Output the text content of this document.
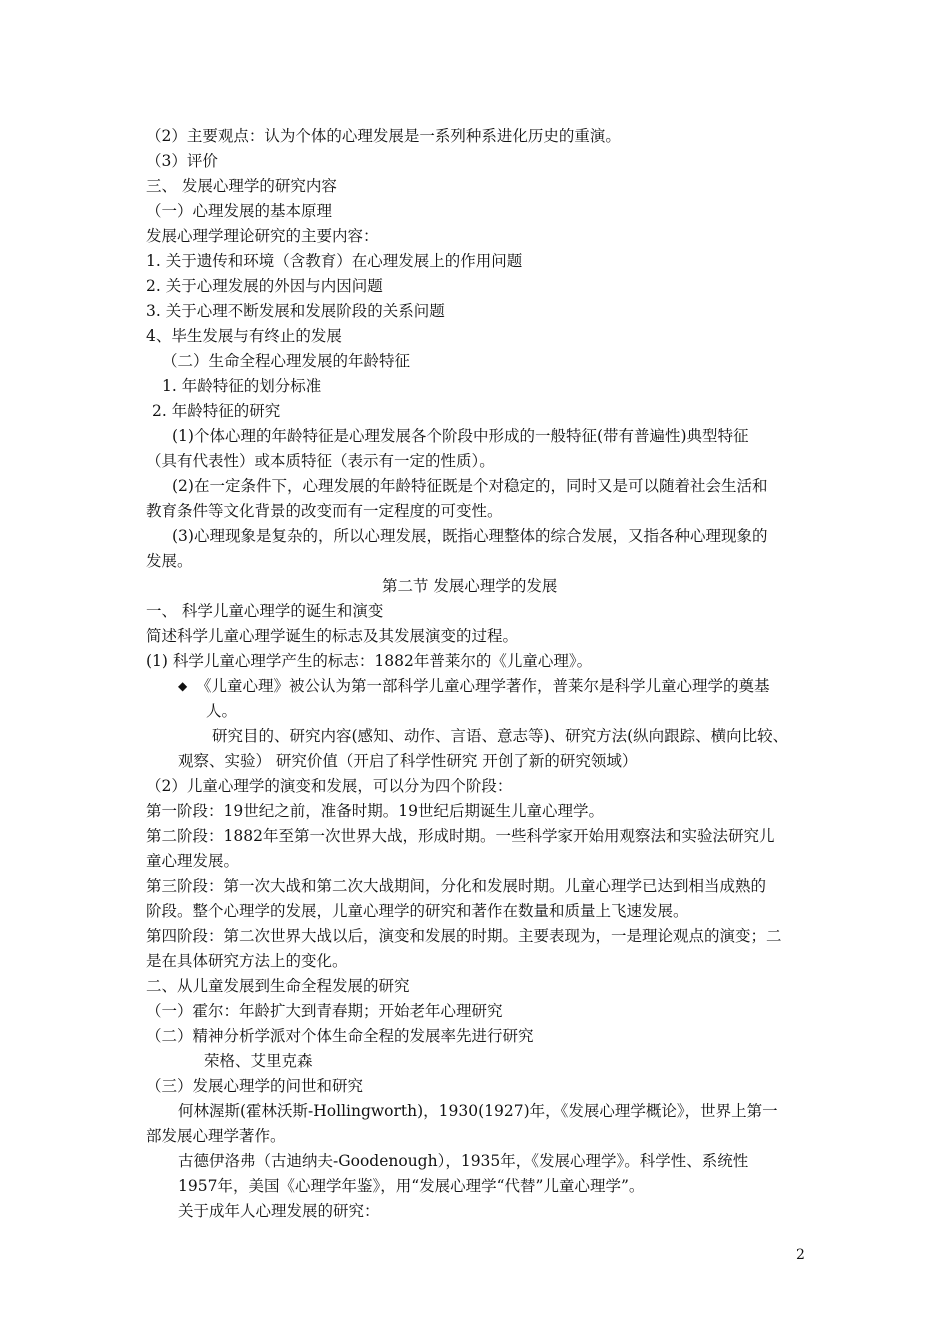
（2）主要观点：认为个体的心理发展是一系列种系进化历史的重演。
（3）评价
三、 发展心理学的研究内容
（一）心理发展的基本原理
发展心理学理论研究的主要内容：
1. 关于遗传和环境（含教育）在心理发展上的作用问题
2. 关于心理发展的外因与内因问题
3. 关于心理不断发展和发展阶段的关系问题
4、毕生发展与有终止的发展
（二）生命全程心理发展的年龄特征
1. 年龄特征的划分标准
2. 年龄特征的研究
(1)个体心理的年龄特征是心理发展各个阶段中形成的一般特征(带有普遍性)典型特征
（具有代表性）或本质特征（表示有一定的性质）。
(2)在一定条件下，心理发展的年龄特征既是个对稳定的，同时又是可以随着社会生活和
教育条件等文化背景的改变而有一定程度的可变性。
(3)心理现象是复杂的，所以心理发展，既指心理整体的综合发展，又指各种心理现象的
发展。
第二节 发展心理学的发展
一、 科学儿童心理学的诞生和演变
简述科学儿童心理学诞生的标志及其发展演变的过程。
(1) 科学儿童心理学产生的标志：1882年普莱尔的《儿童心理》。
◆ 《儿童心理》被公认为第一部科学儿童心理学著作，普莱尔是科学儿童心理学的奠基
人。
研究目的、研究内容(感知、动作、言语、意志等)、研究方法(纵向跟踪、横向比较、
观察、实验） 研究价值（开启了科学性研究 开创了新的研究领域）
（2）儿童心理学的演变和发展，可以分为四个阶段：
第一阶段：19世纪之前，准备时期。19世纪后期诞生儿童心理学。
第二阶段：1882年至第一次世界大战，形成时期。一些科学家开始用观察法和实验法研究儿
童心理发展。
第三阶段：第一次大战和第二次大战期间，分化和发展时期。儿童心理学已达到相当成熟的
阶段。整个心理学的发展，儿童心理学的研究和著作在数量和质量上飞速发展。
第四阶段：第二次世界大战以后，演变和发展的时期。主要表现为，一是理论观点的演变；二
是在具体研究方法上的变化。
二、从儿童发展到生命全程发展的研究
（一）霍尔：年龄扩大到青春期；开始老年心理研究
（二）精神分析学派对个体生命全程的发展率先进行研究
荣格、艾里克森
（三）发展心理学的问世和研究
何林渥斯(霍林沃斯-Hollingworth)，1930(1927)年，《发展心理学概论》，世界上第一
部发展心理学著作。
古德伊洛弗（古迪纳夫-Goodenough），1935年，《发展心理学》。科学性、系统性
1957年，美国《心理学年鉴》，用“发展心理学“代替”儿童心理学”。
关于成年人心理发展的研究：
2
